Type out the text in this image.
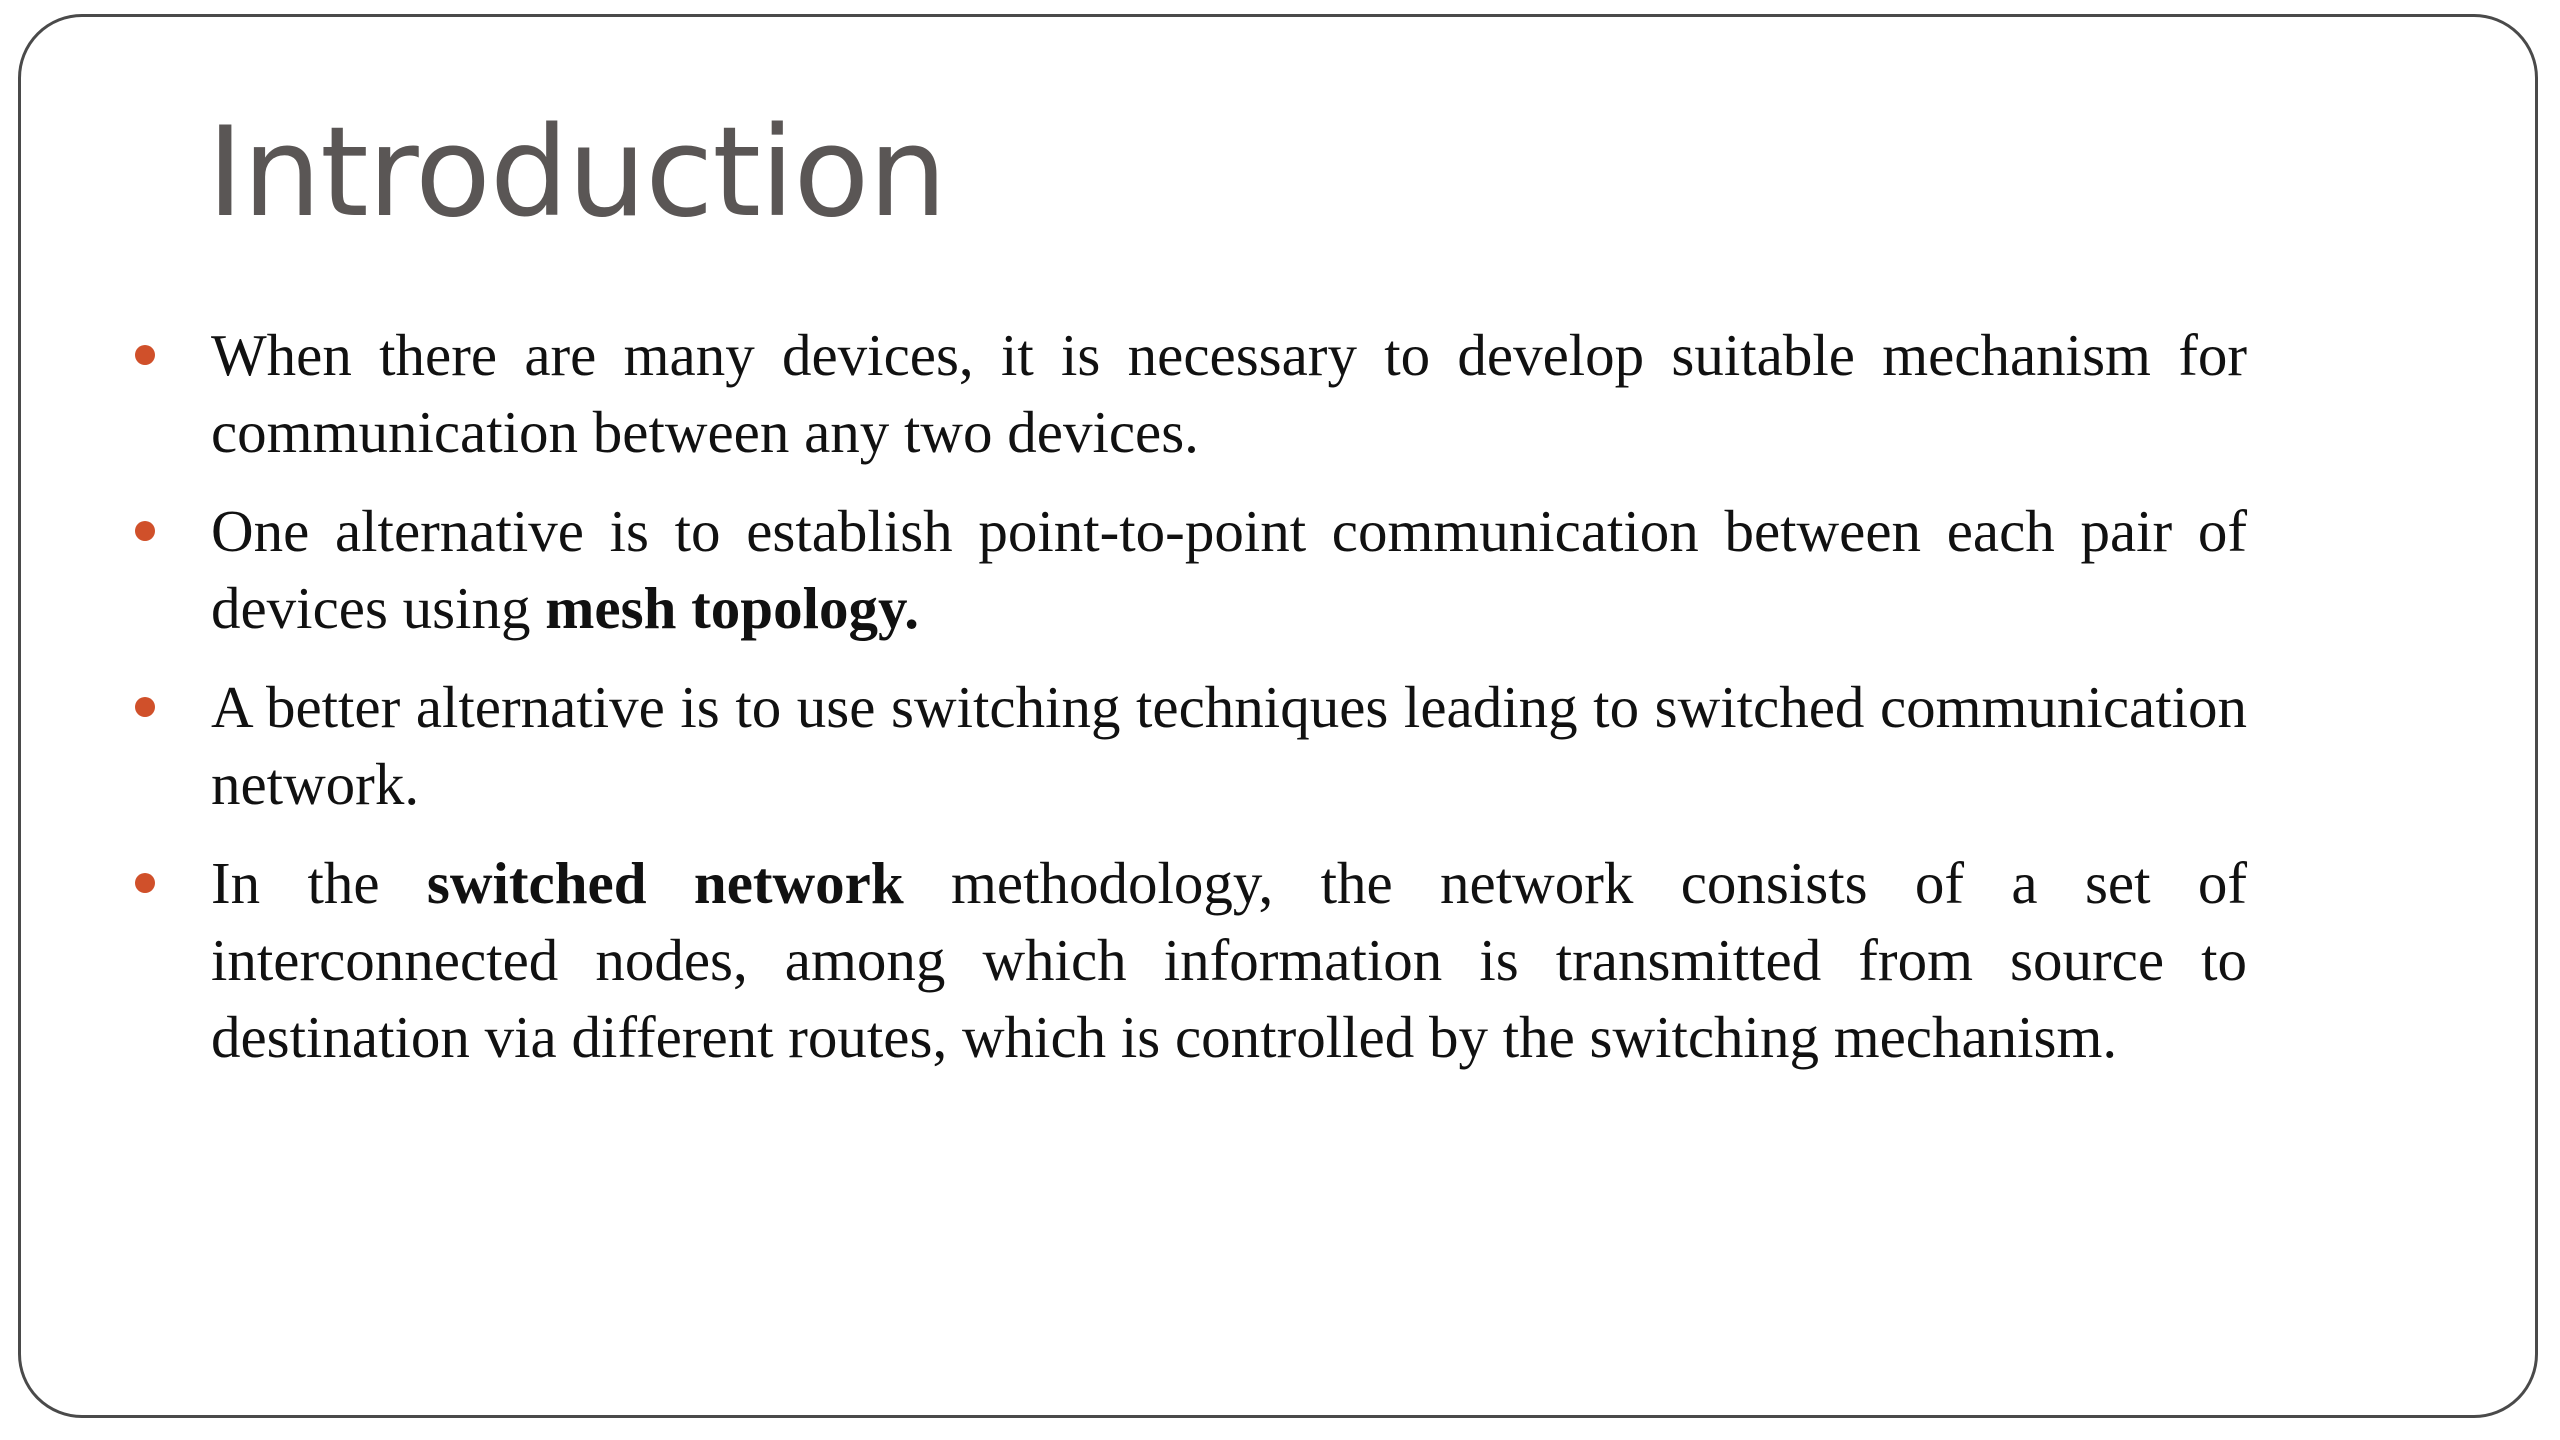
Introduction
When there are many devices, it is necessary to develop suitable mechanism for communication between any two devices.
One alternative is to establish point-to-point communication between each pair of devices using mesh topology.
A better alternative is to use switching techniques leading to switched communication network.
In the switched network methodology, the network consists of a set of interconnected nodes, among which information is transmitted from source to destination via different routes, which is controlled by the switching mechanism.
